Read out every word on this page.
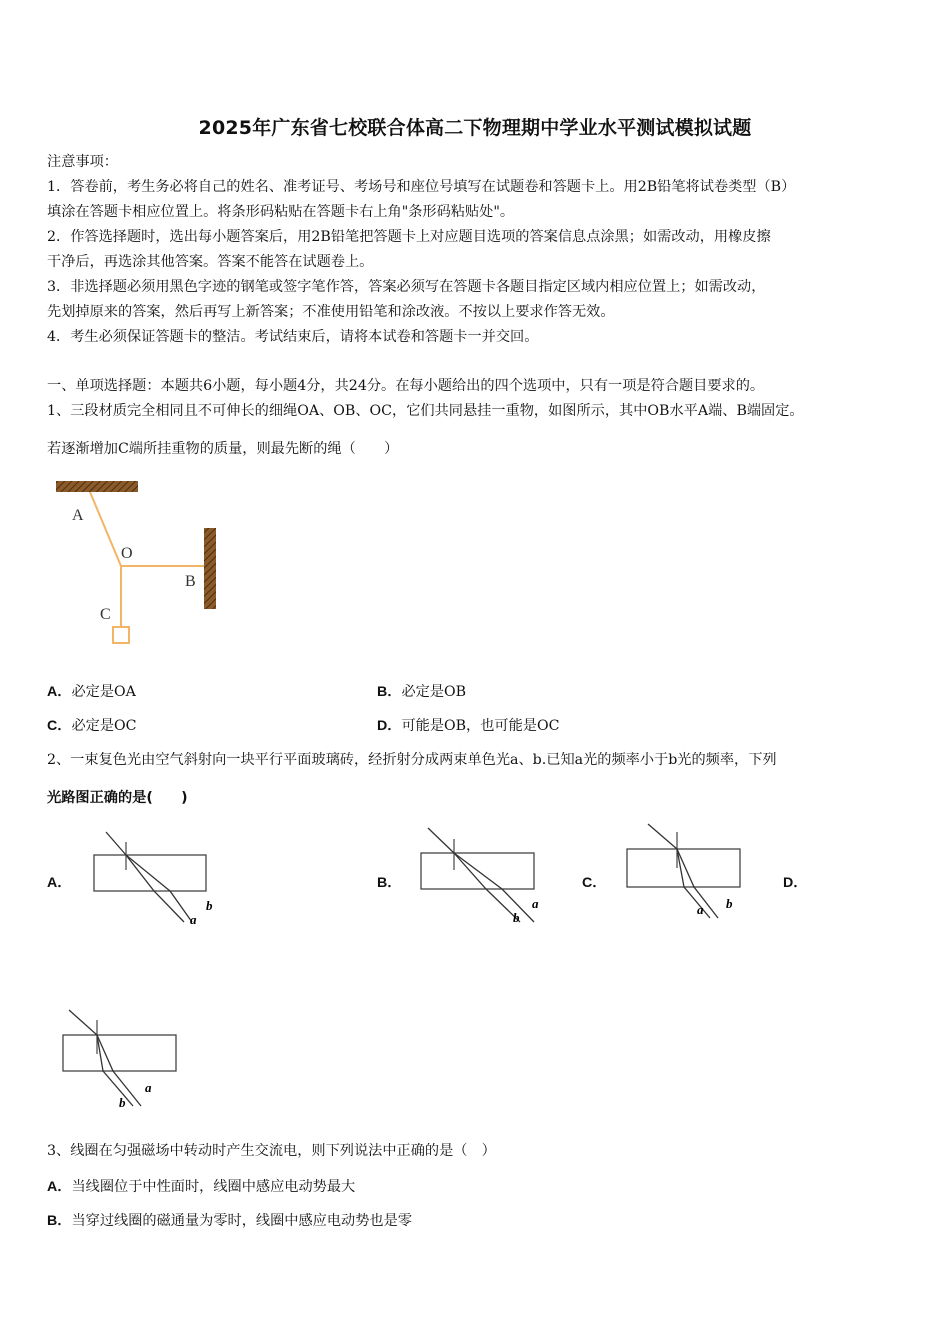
2025年广东省七校联合体高二下物理期中学业水平测试模拟试题
注意事项：
1．答卷前，考生务必将自己的姓名、准考证号、考场号和座位号填写在试题卷和答题卡上。用2B铅笔将试卷类型（B）
填涂在答题卡相应位置上。将条形码粘贴在答题卡右上角"条形码粘贴处"。
2．作答选择题时，选出每小题答案后，用2B铅笔把答题卡上对应题目选项的答案信息点涂黑；如需改动，用橡皮擦
干净后，再选涂其他答案。答案不能答在试题卷上。
3．非选择题必须用黑色字迹的钢笔或签字笔作答，答案必须写在答题卡各题目指定区域内相应位置上；如需改动，
先划掉原来的答案，然后再写上新答案；不准使用铅笔和涂改液。不按以上要求作答无效。
4．考生必须保证答题卡的整洁。考试结束后，请将本试卷和答题卡一并交回。
一、单项选择题：本题共6小题，每小题4分，共24分。在每小题给出的四个选项中，只有一项是符合题目要求的。
1、三段材质完全相同且不可伸长的细绳OA、OB、OC，它们共同悬挂一重物，如图所示，其中OB水平A端、B端固定。
若逐渐增加C端所挂重物的质量，则最先断的绳（　　）
A
O
B
C
A．必定是OA	B．必定是OB
C．必定是OC	D．可能是OB，也可能是OC
2、一束复色光由空气斜射向一块平行平面玻璃砖，经折射分成两束单色光a、b.已知a光的频率小于b光的频率，下列
光路图正确的是(　　)
A．	B．	C．	D．
b
a
a
b
a b
a
b
3、线圈在匀强磁场中转动时产生交流电，则下列说法中正确的是（　）
A．当线圈位于中性面时，线圈中感应电动势最大
B．当穿过线圈的磁通量为零时，线圈中感应电动势也是零
